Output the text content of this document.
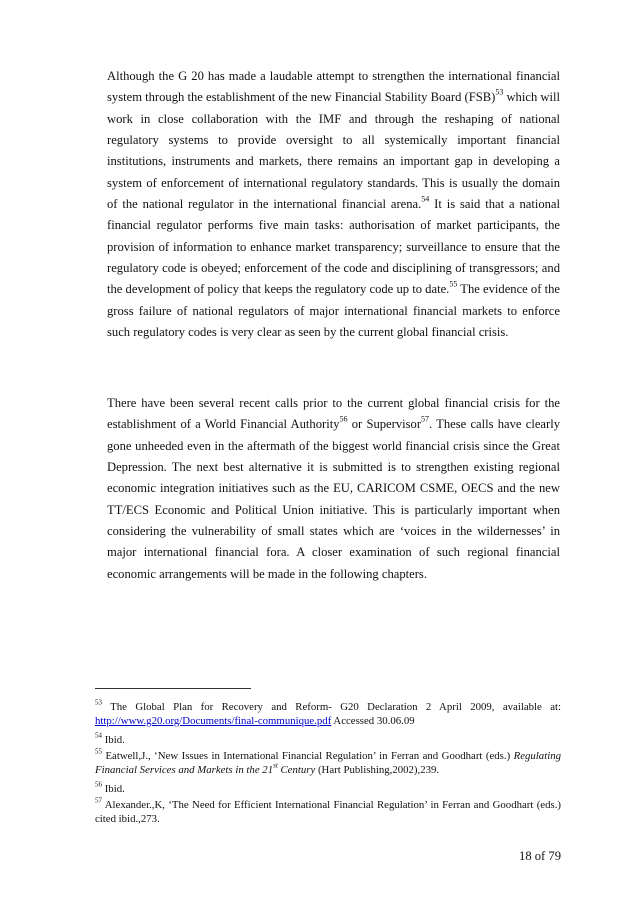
Although the G 20 has made a laudable attempt to strengthen the international financial system through the establishment of the new Financial Stability Board (FSB)$^{53}$ which will work in close collaboration with the IMF and through the reshaping of national regulatory systems to provide oversight to all systemically important financial institutions, instruments and markets, there remains an important gap in developing a system of enforcement of international regulatory standards. This is usually the domain of the national regulator in the international financial arena.$^{54}$ It is said that a national financial regulator performs five main tasks: authorisation of market participants, the provision of information to enhance market transparency; surveillance to ensure that the regulatory code is obeyed; enforcement of the code and disciplining of transgressors; and the development of policy that keeps the regulatory code up to date.$^{55}$ The evidence of the gross failure of national regulators of major international financial markets to enforce such regulatory codes is very clear as seen by the current global financial crisis.

There have been several recent calls prior to the current global financial crisis for the establishment of a World Financial Authority$^{56}$ or Supervisor$^{57}$. These calls have clearly gone unheeded even in the aftermath of the biggest world financial crisis since the Great Depression. The next best alternative it is submitted is to strengthen existing regional economic integration initiatives such as the EU, CARICOM CSME, OECS and the new TT/ECS Economic and Political Union initiative. This is particularly important when considering the vulnerability of small states which are ‘voices in the wildernesses’ in major international financial fora. A closer examination of such regional financial economic arrangements will be made in the following chapters.

$^{53}$ The Global Plan for Recovery and Reform- G20 Declaration 2 April 2009, available at: http://www.g20.org/Documents/final-communique.pdf Accessed 30.06.09

$^{54}$ Ibid.

$^{55}$ Eatwell,J., ‘New Issues in International Financial Regulation’ in Ferran and Goodhart (eds.) Regulating Financial Services and Markets in the 21st Century (Hart Publishing,2002),239.

$^{56}$ Ibid.

$^{57}$ Alexander.,K, ‘The Need for Efficient International Financial Regulation’ in Ferran and Goodhart (eds.) cited ibid.,273.

18 of 79
